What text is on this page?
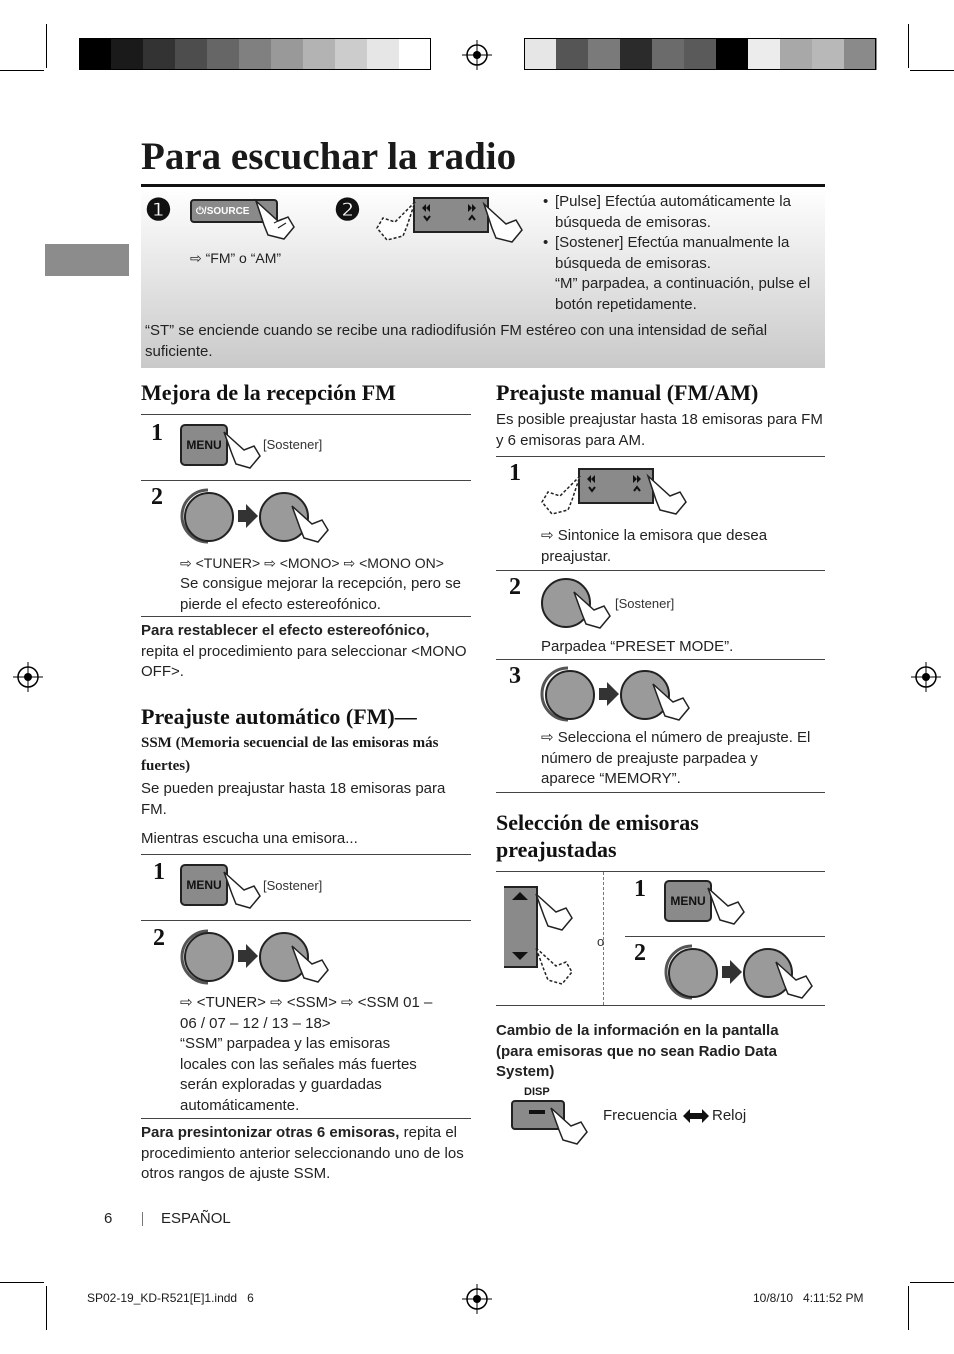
Para escuchar la radio
❶ ⏻/SOURCE
⇨ “FM” o “AM”
❷	• [Pulse] Efectúa automáticamente la búsqueda de emisoras.
• [Sostener] Efectúa manualmente la búsqueda de emisoras.
“M” parpadea, a continuación, pulse el botón repetidamente.
“ST” se enciende cuando se recibe una radiodifusión FM estéreo con una intensidad de señal suficiente.
Mejora de la recepción FM
1 MENU	[Sostener]
2
⇨ <TUNER> ⇨ <MONO> ⇨ <MONO ON>
Se consigue mejorar la recepción, pero se pierde el efecto estereofónico.
Para restablecer el efecto estereofónico, repita el procedimiento para seleccionar <MONO OFF>.
Preajuste automático (FM)—
SSM (Memoria secuencial de las emisoras más fuertes)
Se pueden preajustar hasta 18 emisoras para FM.
Mientras escucha una emisora...
1 MENU	[Sostener]
2
⇨ <TUNER> ⇨ <SSM> ⇨ <SSM 01 – 06 / 07 – 12 / 13 – 18>
“SSM” parpadea y las emisoras locales con las señales más fuertes serán exploradas y guardadas automáticamente.
Para presintonizar otras 6 emisoras, repita el procedimiento anterior seleccionando uno de los otros rangos de ajuste SSM.
Preajuste manual (FM/AM)
Es posible preajustar hasta 18 emisoras para FM y 6 emisoras para AM.
1
⇨ Sintonice la emisora que desea preajustar.
2
[Sostener]
Parpadea “PRESET MODE”.
3
⇨ Selecciona el número de preajuste. El número de preajuste parpadea y aparece “MEMORY”.
Selección de emisoras preajustadas
o
1 MENU
2
Cambio de la información en la pantalla (para emisoras que no sean Radio Data System)
DISP
Frecuencia Reloj
6	ESPAÑOL
SP02-19_KD-R521[E]1.indd   6	10/8/10   4:11:52 PM
